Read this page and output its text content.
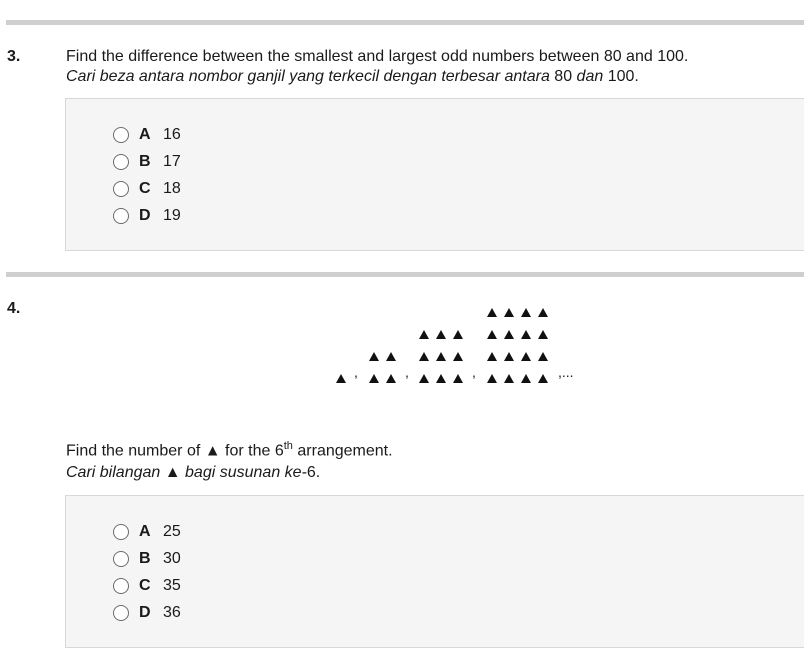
3.	Find the difference between the smallest and largest odd numbers between 80 and 100.
Cari beza antara nombor ganjil yang terkecil dengan terbesar antara 80 dan 100.
A 16
B 17
C 18
D 19
4.
,	,	,	,...
Find the number of ▲ for the 6th arrangement.
Cari bilangan ▲ bagi susunan ke-6.
A 25
B 30
C 35
D 36
